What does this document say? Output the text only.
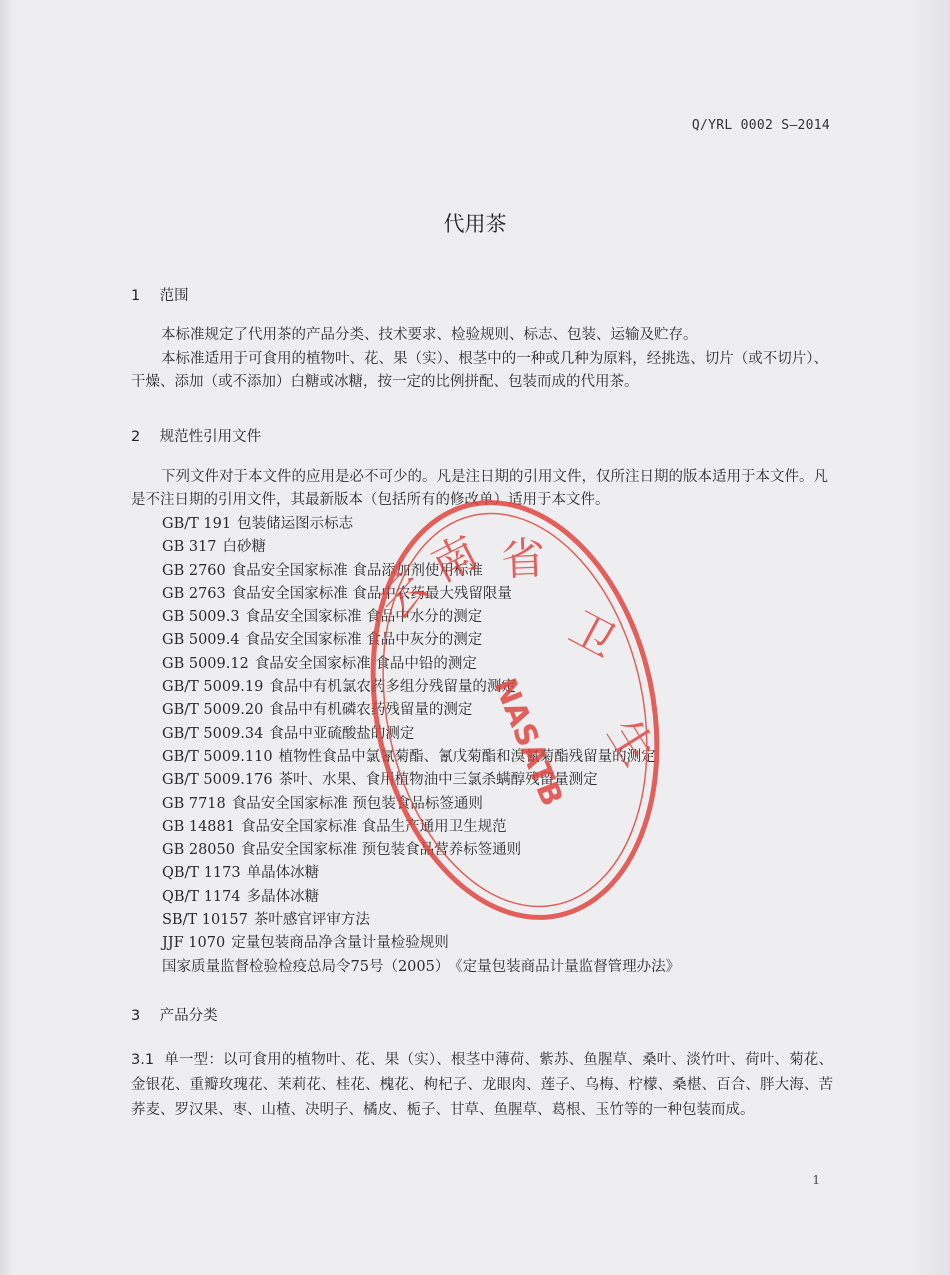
Q/YRL 0002 S—2014
代用茶
1 范围
本标准规定了代用茶的产品分类、技术要求、检验规则、标志、包装、运输及贮存。
本标准适用于可食用的植物叶、花、果（实）、根茎中的一种或几种为原料，经挑选、切片（或不切片）、干燥、添加（或不添加）白糖或冰糖，按一定的比例拼配、包装而成的代用茶。
2 规范性引用文件
下列文件对于本文件的应用是必不可少的。凡是注日期的引用文件，仅所注日期的版本适用于本文件。凡是不注日期的引用文件，其最新版本（包括所有的修改单）适用于本文件。
GB/T 191 包装储运图示标志
GB 317 白砂糖
GB 2760 食品安全国家标准 食品添加剂使用标准
GB 2763 食品安全国家标准 食品中农药最大残留限量
GB 5009.3 食品安全国家标准 食品中水分的测定
GB 5009.4 食品安全国家标准 食品中灰分的测定
GB 5009.12 食品安全国家标准 食品中铅的测定
GB/T 5009.19 食品中有机氯农药多组分残留量的测定
GB/T 5009.20 食品中有机磷农药残留量的测定
GB/T 5009.34 食品中亚硫酸盐的测定
GB/T 5009.110 植物性食品中氯氰菊酯、氰戊菊酯和溴氰菊酯残留量的测定
GB/T 5009.176 茶叶、水果、食用植物油中三氯杀螨醇残留量测定
GB 7718 食品安全国家标准 预包装食品标签通则
GB 14881 食品安全国家标准 食品生产通用卫生规范
GB 28050 食品安全国家标准 预包装食品营养标签通则
QB/T 1173 单晶体冰糖
QB/T 1174 多晶体冰糖
SB/T 10157 茶叶感官评审方法
JJF 1070 定量包装商品净含量计量检验规则
国家质量监督检验检疫总局令75号（2005） 《定量包装商品计量监督管理办法》
3 产品分类
3.1 单一型：以可食用的植物叶、花、果（实）、根茎中薄荷、紫苏、鱼腥草、桑叶、淡竹叶、荷叶、菊花、金银花、重瓣玫瑰花、茉莉花、桂花、槐花、枸杞子、龙眼肉、莲子、乌梅、柠檬、桑椹、百合、胖大海、苦荞麦、罗汉果、枣、山楂、决明子、橘皮、栀子、甘草、鱼腥草、葛根、玉竹等的一种包装而成。
1
云
南 省
卫
生
NASATB
